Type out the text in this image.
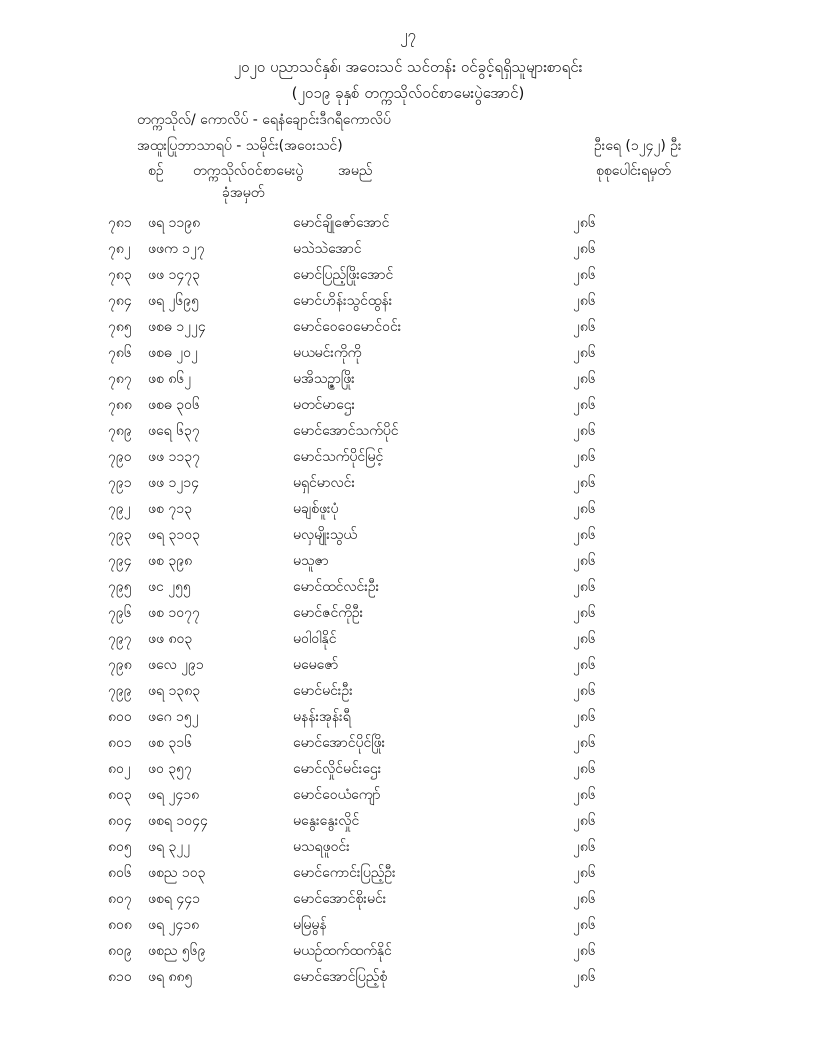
၂၇
၂၀၂၀ ပညာသင်နှစ်၊ အဝေးသင် သင်တန်း ဝင်ခွင့်ရရှိသူများစာရင်း
(၂၀၁၉ ခုနှစ် တက္ကသိုလ်ဝင်စာမေးပွဲအောင်)
တက္ကသိုလ်/ ကောလိပ် - ရေနံချောင်းဒီဂရီကောလိပ်
အထူးပြုဘာသာရပ် - သမိုင်း(အဝေးသင်)	ဦးရေ (၁၂၄၂) ဦး
စဉ် တက္ကသိုလ်ဝင်စာမေးပွဲ
ခုံအမှတ်
အမည်	စုစုပေါင်းရမှတ်
၇၈၁	ဖရ ၁၁၉၈	မောင်ချိုဇော်အောင်	၂၈၆
၇၈၂	ဖဖက ၁၂၇	မသဲသဲအောင်	၂၈၆
၇၈၃	ဖဖ ၁၄၇၃	မောင်ပြည့်ဖြိုးအောင်	၂၈၆
၇၈၄	ဖရ ၂၆၉၅	မောင်ဟိန်းသွင်ထွန်း	၂၈၆
၇၈၅	ဖစဓ ၁၂၂၄	မောင်ဝေဝေမောင်ဝင်း	၂၈၆
၇၈၆	ဖစဓ ၂၀၂	မယမင်းကိုကို	၂၈၆
၇၈၇	ဖစ ၈၆၂	မအိသဉ္ဇာဖြိုး	၂၈၆
၇၈၈	ဖစဓ ၃၀၆	မတင်မာဌေး	၂၈၆
၇၈၉	ဖရေ ၆၃၇	မောင်အောင်သက်ပိုင်	၂၈၆
၇၉၀	ဖဖ ၁၁၃၇	မောင်သက်ပိုင်မြင့်	၂၈၆
၇၉၁	ဖဖ ၁၂၁၄	မရှင်မာလင်း	၂၈၆
၇၉၂	ဖစ ၇၁၃	မချစ်ဖူးပုံ	၂၈၆
၇၉၃	ဖရ ၃၁၀၃	မလှမျိုးသွယ်	၂၈၆
၇၉၄	ဖစ ၃၉၈	မသူဇာ	၂၈၆
၇၉၅	ဖင ၂၅၅	မောင်ထင်လင်းဦး	၂၈၆
၇၉၆	ဖစ ၁၀၇၇	မောင်ဇင်ကိုဦး	၂၈၆
၇၉၇	ဖဖ ၈၀၃	မဝါဝါနိုင်	၂၈၆
၇၉၈	ဖလေ ၂၉၁	မမေဇော်	၂၈၆
၇၉၉	ဖရ ၁၃၈၃	မောင်မင်းဦး	၂၈၆
၈၀၀	ဖဂေ ၁၅၂	မနန်းအုန်းရီ	၂၈၆
၈၀၁	ဖစ ၃၁၆	မောင်အောင်ပိုင်ဖြိုး	၂၈၆
၈၀၂	ဖဝ ၃၅၇	မောင်လှိုင်မင်းဌေး	၂၈၆
၈၀၃	ဖရ ၂၄၁၈	မောင်ဝေယံကျော်	၂၈၆
၈၀၄	ဖစရ ၁၀၄၄	မနွေးနွေးလှိုင်	၂၈၆
၈၀၅	ဖရ ၃၂၂	မသရဖူဝင်း	၂၈၆
၈၀၆	ဖစည ၁၀၃	မောင်ကောင်းပြည့်ဦး	၂၈၆
၈၀၇	ဖစရ ၄၄၁	မောင်အောင်စိုးမင်း	၂၈၆
၈၀၈	ဖရ ၂၄၁၈	မမြမွန်	၂၈၆
၈၀၉	ဖစည ၅၆၉	မယဉ်ထက်ထက်နိုင်	၂၈၆
၈၁၀	ဖရ ၈၈၅	မောင်အောင်ပြည့်စုံ	၂၈၆
